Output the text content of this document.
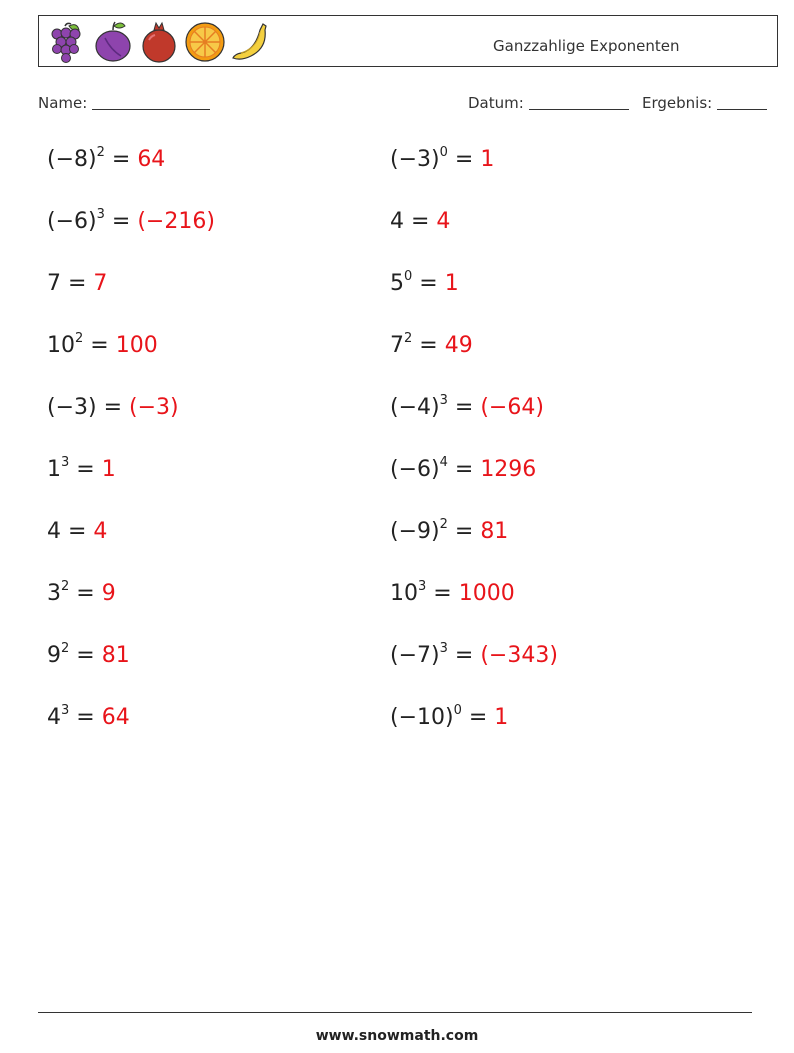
Ganzzahlige Exponenten
Name:	Datum:	Ergebnis:
$(-8)^2 = 64$
$(-6)^3 = (-216)$
7 = 7
$10^2 = 100$
(−3) = (−3)
$1^3 = 1$
4 = 4
$3^2 = 9$
$9^2 = 81$
$4^3 = 64$
$(-3)^0 = 1$
4 = 4
$5^0 = 1$
$7^2 = 49$
$(-4)^3 = (-64)$
$(-6)^4 = 1296$
$(-9)^2 = 81$
$10^3 = 1000$
$(-7)^3 = (-343)$
$(-10)^0 = 1$
www.snowmath.com
